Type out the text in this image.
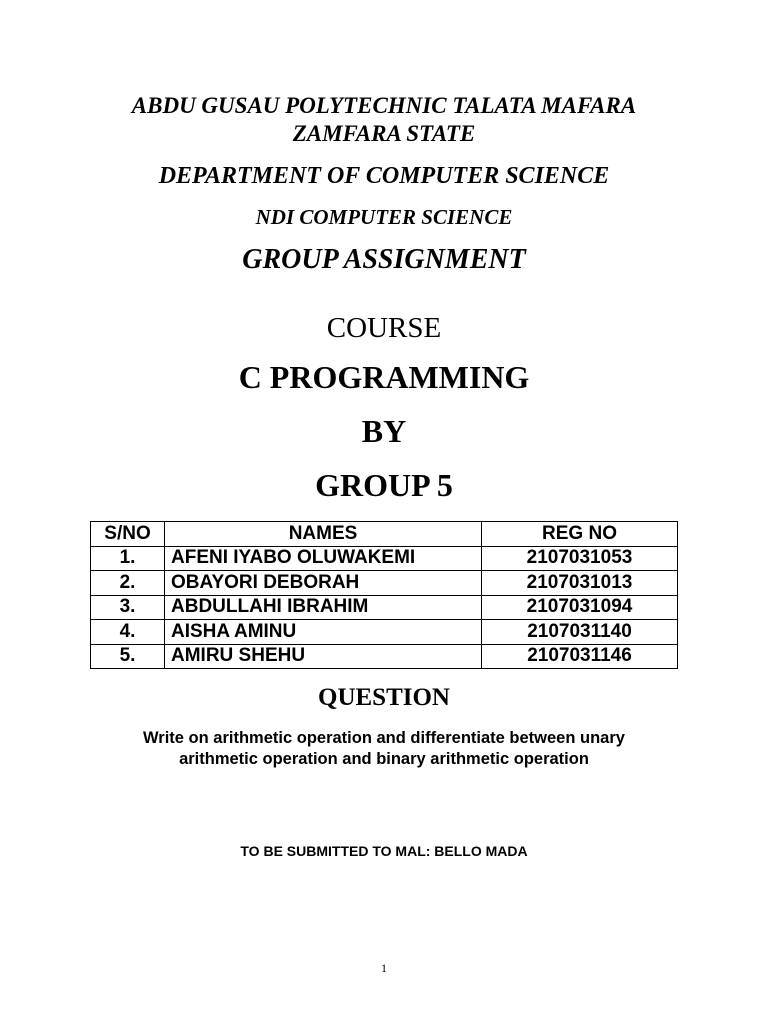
ABDU GUSAU POLYTECHNIC TALATA MAFARA
ZAMFARA STATE
DEPARTMENT OF COMPUTER SCIENCE
NDI COMPUTER SCIENCE
GROUP ASSIGNMENT
COURSE
C PROGRAMMING
BY
GROUP 5
S/NO	NAMES	REG NO
1.	AFENI IYABO OLUWAKEMI	2107031053
2.	OBAYORI DEBORAH	2107031013
3.	ABDULLAHI IBRAHIM	2107031094
4.	AISHA AMINU	2107031140
5.	AMIRU SHEHU	2107031146
QUESTION
Write on arithmetic operation and differentiate between unary
arithmetic operation and binary arithmetic operation
TO BE SUBMITTED TO MAL: BELLO MADA
1
